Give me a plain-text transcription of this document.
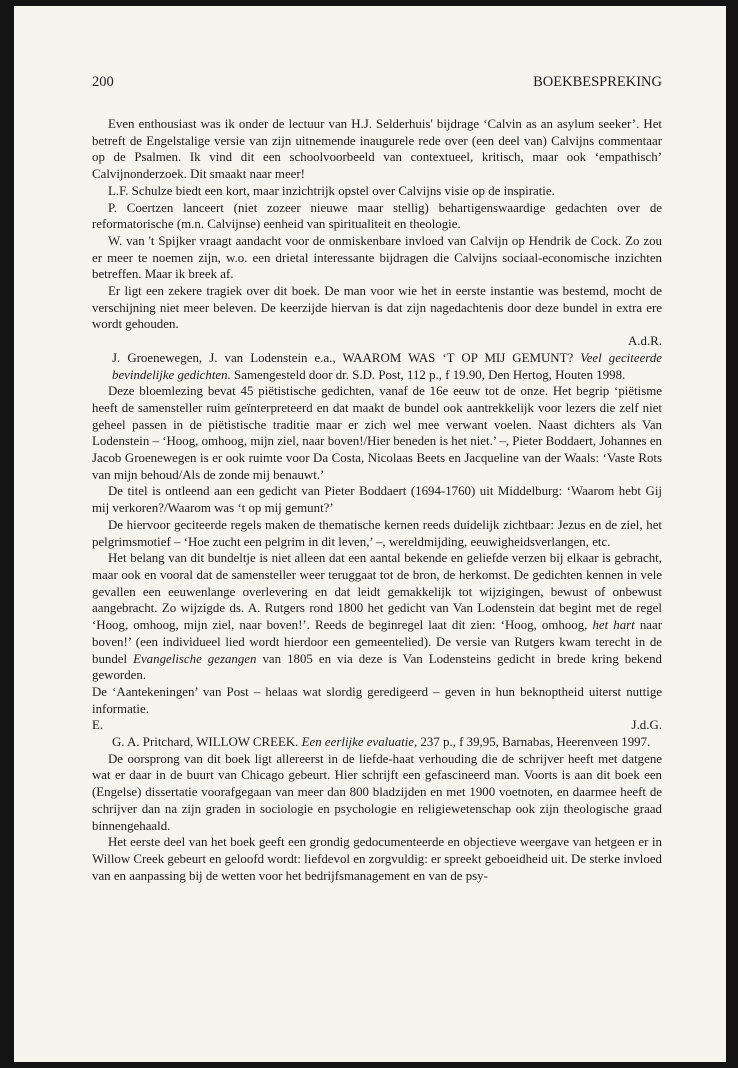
200	BOEKBESPREKING

Even enthousiast was ik onder de lectuur van H.J. Selderhuis' bijdrage ‘Calvin as an asylum seeker’. Het betreft de Engelstalige versie van zijn uitnemende inaugurele rede over (een deel van) Calvijns commentaar op de Psalmen. Ik vind dit een schoolvoorbeeld van contextueel, kritisch, maar ook ‘empathisch’ Calvijnonderzoek. Dit smaakt naar meer!

L.F. Schulze biedt een kort, maar inzichtrijk opstel over Calvijns visie op de inspiratie.

P. Coertzen lanceert (niet zozeer nieuwe maar stellig) behartigenswaardige gedachten over de reformatorische (m.n. Calvijnse) eenheid van spiritualiteit en theologie.

W. van 't Spijker vraagt aandacht voor de onmiskenbare invloed van Calvijn op Hendrik de Cock. Zo zou er meer te noemen zijn, w.o. een drietal interessante bijdragen die Calvijns sociaal-economische inzichten betreffen. Maar ik breek af.

Er ligt een zekere tragiek over dit boek. De man voor wie het in eerste instantie was bestemd, mocht de verschijning niet meer beleven. De keerzijde hiervan is dat zijn nagedachtenis door deze bundel in extra ere wordt gehouden.

A.d.R.

J. Groenewegen, J. van Lodenstein e.a., WAAROM WAS ‘T OP MIJ GEMUNT? Veel geciteerde bevindelijke gedichten. Samengesteld door dr. S.D. Post, 112 p., f 19.90, Den Hertog, Houten 1998.

Deze bloemlezing bevat 45 piëtistische gedichten, vanaf de 16e eeuw tot de onze. Het begrip ‘piëtisme heeft de samensteller ruim geïnterpreteerd en dat maakt de bundel ook aantrekkelijk voor lezers die zelf niet geheel passen in de piëtistische traditie maar er zich wel mee verwant voelen. Naast dichters als Van Lodenstein – ‘Hoog, omhoog, mijn ziel, naar boven!/Hier beneden is het niet.’ –, Pieter Boddaert, Johannes en Jacob Groenewegen is er ook ruimte voor Da Costa, Nicolaas Beets en Jacqueline van der Waals: ‘Vaste Rots van mijn behoud/Als de zonde mij benauwt.’

De titel is ontleend aan een gedicht van Pieter Boddaert (1694-1760) uit Middelburg: ‘Waarom hebt Gij mij verkoren?/Waarom was ‘t op mij gemunt?’

De hiervoor geciteerde regels maken de thematische kernen reeds duidelijk zichtbaar: Jezus en de ziel, het pelgrimsmotief – ‘Hoe zucht een pelgrim in dit leven,’ –, wereldmijding, eeuwigheidsverlangen, etc.

Het belang van dit bundeltje is niet alleen dat een aantal bekende en geliefde verzen bij elkaar is gebracht, maar ook en vooral dat de samensteller weer teruggaat tot de bron, de herkomst. De gedichten kennen in vele gevallen een eeuwenlange overlevering en dat leidt gemakkelijk tot wijzigingen, bewust of onbewust aangebracht. Zo wijzigde ds. A. Rutgers rond 1800 het gedicht van Van Lodenstein dat begint met de regel ‘Hoog, omhoog, mijn ziel, naar boven!’. Reeds de beginregel laat dit zien: ‘Hoog, omhoog, het hart naar boven!’ (een individueel lied wordt hierdoor een gemeentelied). De versie van Rutgers kwam terecht in de bundel Evangelische gezangen van 1805 en via deze is Van Lodensteins gedicht in brede kring bekend geworden.

De ‘Aantekeningen’ van Post – helaas wat slordig geredigeerd – geven in hun beknoptheid uiterst nuttige informatie.

E.	J.d.G.

G. A. Pritchard, WILLOW CREEK. Een eerlijke evaluatie, 237 p., f 39,95, Barnabas, Heerenveen 1997.

De oorsprong van dit boek ligt allereerst in de liefde-haat verhouding die de schrijver heeft met datgene wat er daar in de buurt van Chicago gebeurt. Hier schrijft een gefascineerd man. Voorts is aan dit boek een (Engelse) dissertatie voorafgegaan van meer dan 800 bladzijden en met 1900 voetnoten, en daarmee heeft de schrijver dan na zijn graden in sociologie en psychologie en religiewetenschap ook zijn theologische graad binnengehaald.

Het eerste deel van het boek geeft een grondig gedocumenteerde en objectieve weergave van hetgeen er in Willow Creek gebeurt en geloofd wordt: liefdevol en zorgvuldig: er spreekt geboeidheid uit. De sterke invloed van en aanpassing bij de wetten voor het bedrijfsmanagement en van de psy-
